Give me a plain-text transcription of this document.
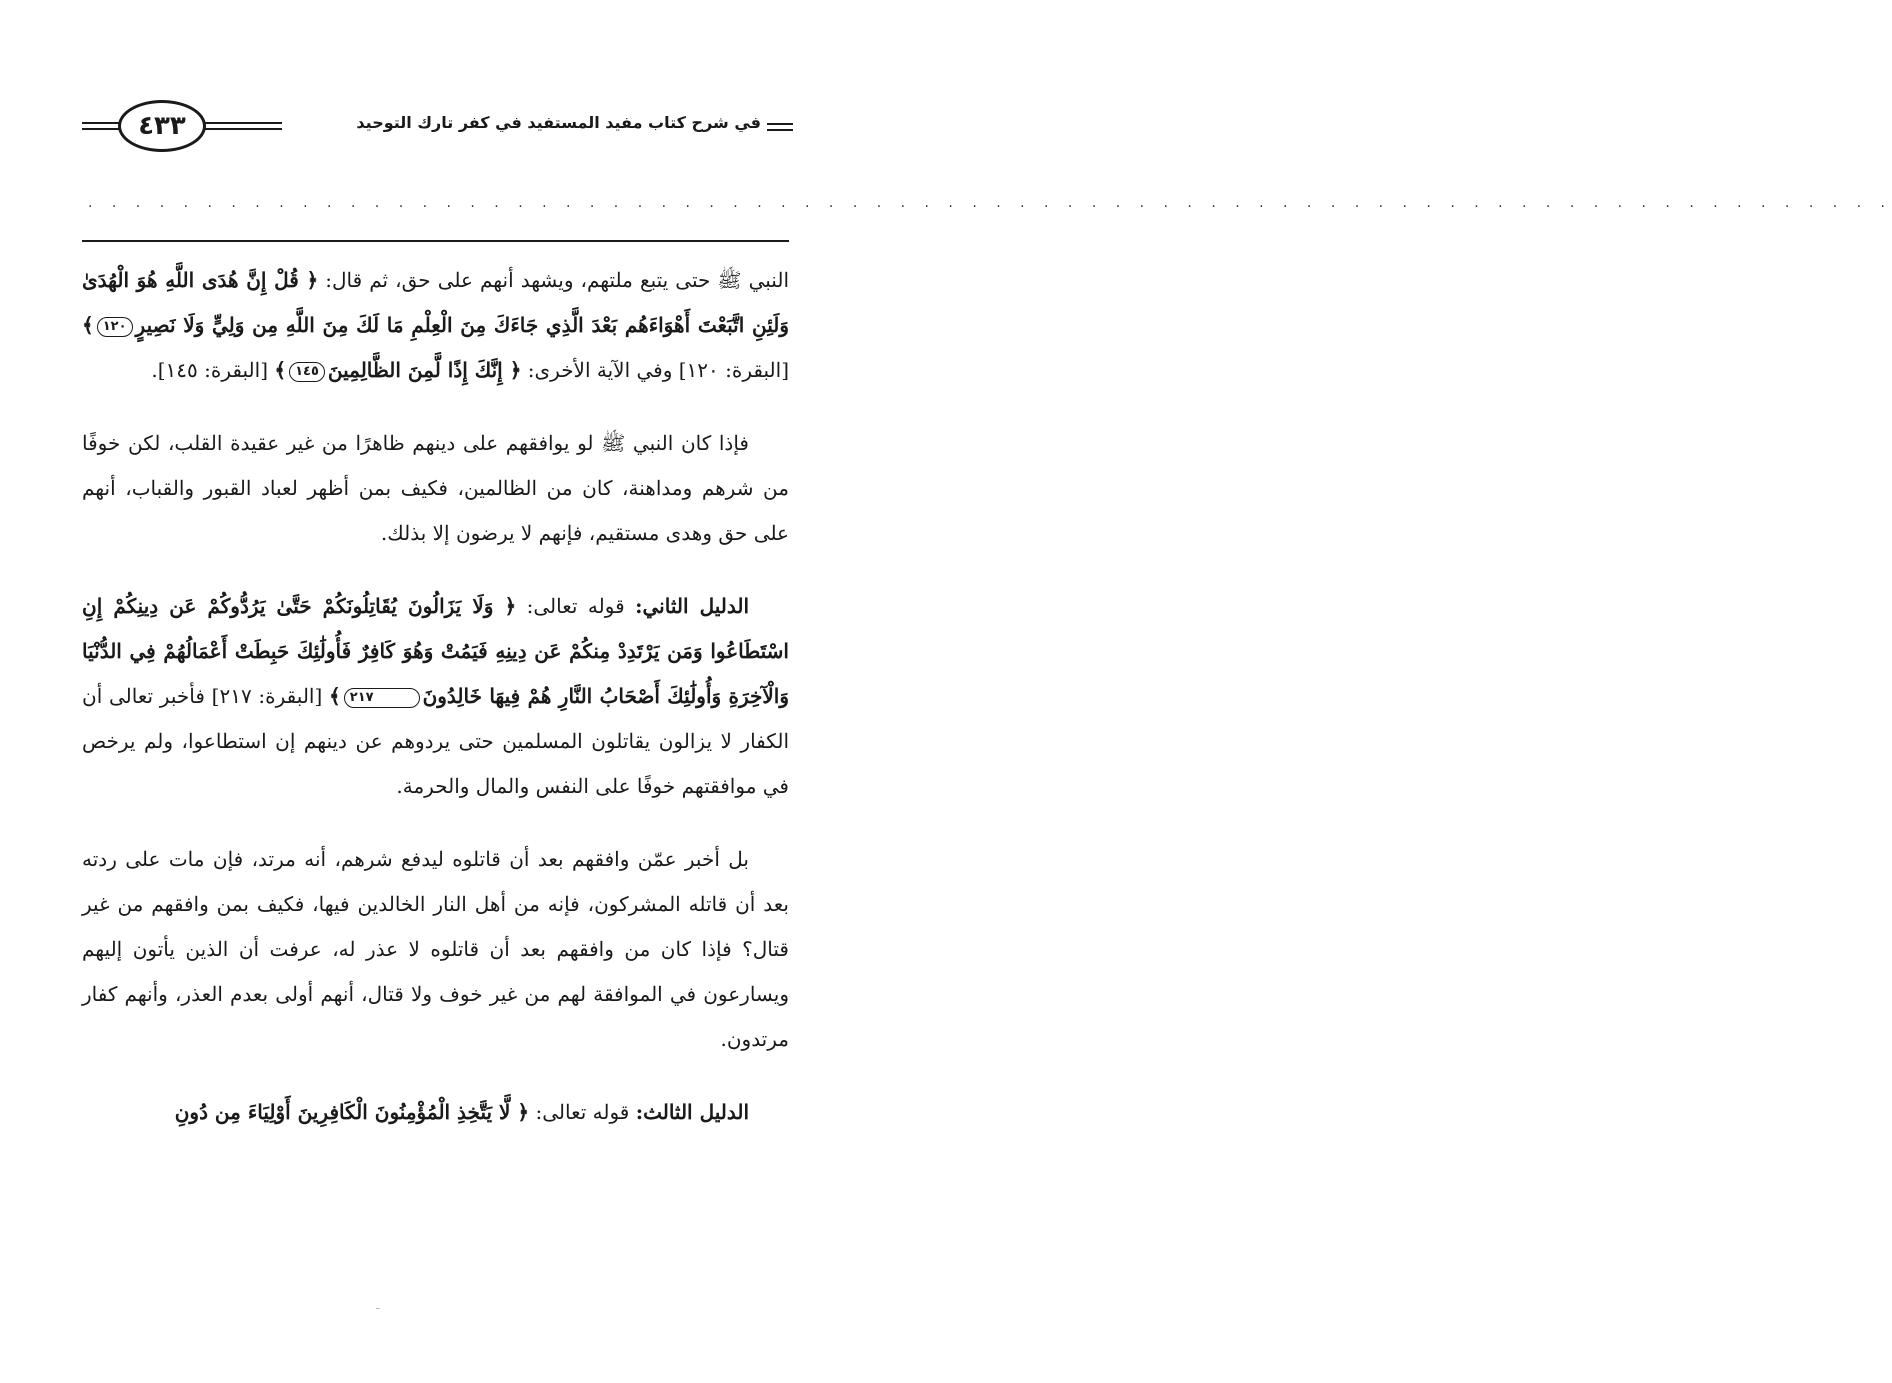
٤٣٣	في شرح كتاب مفيد المستفيد في كفر تارك التوحيد
. . . . . . . . . . . . . . . . . . . . . . . . . . . . . . . . . . . . . . . . . . . . . . . . . . . . . . . . . . . . . . . . . . . . . . . . . . . .

النبي ﷺ حتى يتبع ملتهم، ويشهد أنهم على حق، ثم قال: ﴿ قُلْ إِنَّ هُدَى اللَّهِ هُوَ الْهُدَىٰ وَلَئِنِ اتَّبَعْتَ أَهْوَاءَهُم بَعْدَ الَّذِي جَاءَكَ مِنَ الْعِلْمِ مَا لَكَ مِنَ اللَّهِ مِن وَلِيٍّ وَلَا نَصِيرٍ١٢٠﴾ [البقرة: ١٢٠] وفي الآية الأخرى: ﴿ إِنَّكَ إِذًا لَّمِنَ الظَّالِمِينَ١٤٥﴾ [البقرة: ١٤٥].

فإذا كان النبي ﷺ لو يوافقهم على دينهم ظاهرًا من غير عقيدة القلب، لكن خوفًا من شرهم ومداهنة، كان من الظالمين، فكيف بمن أظهر لعباد القبور والقباب، أنهم على حق وهدى مستقيم، فإنهم لا يرضون إلا بذلك.

الدليل الثاني: قوله تعالى: ﴿ وَلَا يَزَالُونَ يُقَاتِلُونَكُمْ حَتَّىٰ يَرُدُّوكُمْ عَن دِينِكُمْ إِنِ اسْتَطَاعُوا وَمَن يَرْتَدِدْ مِنكُمْ عَن دِينِهِ فَيَمُتْ وَهُوَ كَافِرٌ فَأُولَٰئِكَ حَبِطَتْ أَعْمَالُهُمْ فِي الدُّنْيَا وَالْآخِرَةِ وَأُولَٰئِكَ أَصْحَابُ النَّارِ هُمْ فِيهَا خَالِدُونَ٢١٧﴾ [البقرة: ٢١٧] فأخبر تعالى أن الكفار لا يزالون يقاتلون المسلمين حتى يردوهم عن دينهم إن استطاعوا، ولم يرخص في موافقتهم خوفًا على النفس والمال والحرمة.

بل أخبر عمّن وافقهم بعد أن قاتلوه ليدفع شرهم، أنه مرتد، فإن مات على ردته بعد أن قاتله المشركون، فإنه من أهل النار الخالدين فيها، فكيف بمن وافقهم من غير قتال؟ فإذا كان من وافقهم بعد أن قاتلوه لا عذر له، عرفت أن الذين يأتون إليهم ويسارعون في الموافقة لهم من غير خوف ولا قتال، أنهم أولى بعدم العذر، وأنهم كفار مرتدون.

الدليل الثالث: قوله تعالى: ﴿ لَّا يَتَّخِذِ الْمُؤْمِنُونَ الْكَافِرِينَ أَوْلِيَاءَ مِن دُونِ
